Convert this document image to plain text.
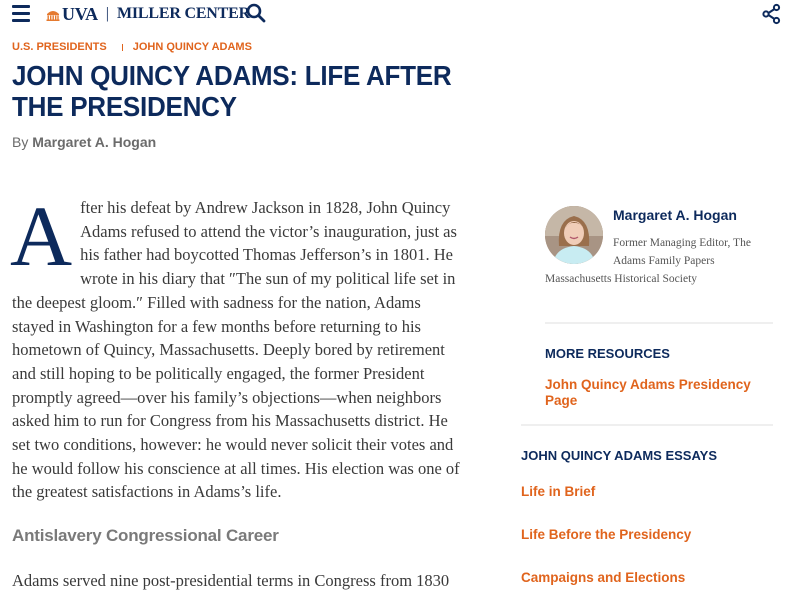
UVA | MILLER CENTER
U.S. PRESIDENTS JOHN QUINCY ADAMS
JOHN QUINCY ADAMS: LIFE AFTER THE PRESIDENCY
By Margaret A. Hogan
A fter his defeat by Andrew Jackson in 1828, John Quincy Adams refused to attend the victor’s inauguration, just as his father had boycotted Thomas Jefferson’s in 1801. He wrote in his diary that ″The sun of my political life set in the deepest gloom.″ Filled with sadness for the nation, Adams stayed in Washington for a few months before returning to his hometown of Quincy, Massachusetts. Deeply bored by retirement and still hoping to be politically engaged, the former President promptly agreed—over his family’s objections—when neighbors asked him to run for Congress from his Massachusetts district. He set two conditions, however: he would never solicit their votes and he would follow his conscience at all times. His election was one of the greatest satisfactions in Adams’s life.

Antislavery Congressional Career

Adams served nine post-presidential terms in Congress from 1830

Margaret A. Hogan
Former Managing Editor, The Adams Family Papers
Massachusetts Historical Society
MORE RESOURCES
John Quincy Adams Presidency Page
JOHN QUINCY ADAMS ESSAYS
Life in Brief
Life Before the Presidency
Campaigns and Elections
